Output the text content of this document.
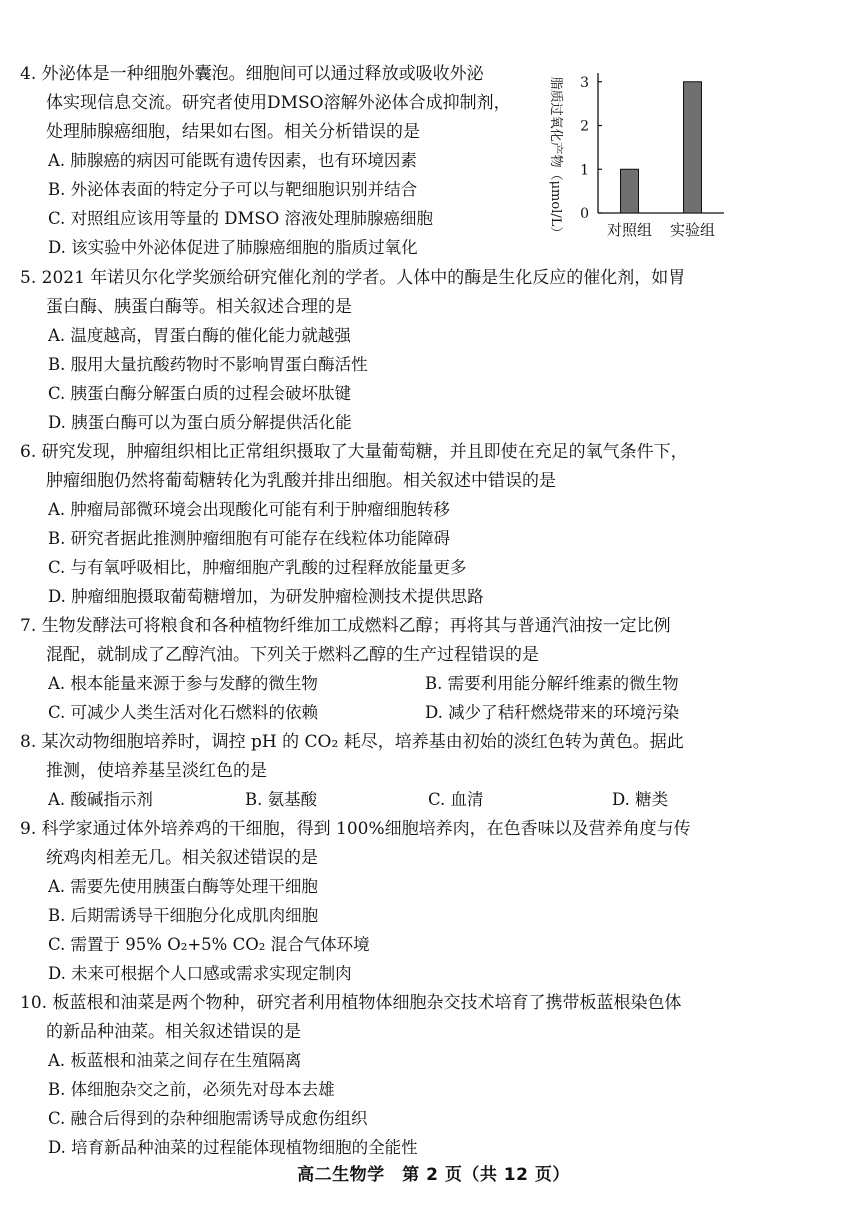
4. 外泌体是一种细胞外囊泡。细胞间可以通过释放或吸收外泌
体实现信息交流。研究者使用DMSO溶解外泌体合成抑制剂，
处理肺腺癌细胞，结果如右图。相关分析错误的是
A. 肺腺癌的病因可能既有遗传因素，也有环境因素
B. 外泌体表面的特定分子可以与靶细胞识别并结合
C. 对照组应该用等量的 DMSO 溶液处理肺腺癌细胞
D. 该实验中外泌体促进了肺腺癌细胞的脂质过氧化
脂质过氧化产物（μmol/L） 0
1
2
3
对照组 实验组
5. 2021 年诺贝尔化学奖颁给研究催化剂的学者。人体中的酶是生化反应的催化剂，如胃
蛋白酶、胰蛋白酶等。相关叙述合理的是
A. 温度越高，胃蛋白酶的催化能力就越强
B. 服用大量抗酸药物时不影响胃蛋白酶活性
C. 胰蛋白酶分解蛋白质的过程会破坏肽键
D. 胰蛋白酶可以为蛋白质分解提供活化能
6. 研究发现，肿瘤组织相比正常组织摄取了大量葡萄糖，并且即使在充足的氧气条件下，
肿瘤细胞仍然将葡萄糖转化为乳酸并排出细胞。相关叙述中错误的是
A. 肿瘤局部微环境会出现酸化可能有利于肿瘤细胞转移
B. 研究者据此推测肿瘤细胞有可能存在线粒体功能障碍
C. 与有氧呼吸相比，肿瘤细胞产乳酸的过程释放能量更多
D. 肿瘤细胞摄取葡萄糖增加，为研发肿瘤检测技术提供思路
7. 生物发酵法可将粮食和各种植物纤维加工成燃料乙醇；再将其与普通汽油按一定比例
混配，就制成了乙醇汽油。下列关于燃料乙醇的生产过程错误的是
A. 根本能量来源于参与发酵的微生物	B. 需要利用能分解纤维素的微生物
C. 可减少人类生活对化石燃料的依赖	D. 减少了秸秆燃烧带来的环境污染
8. 某次动物细胞培养时，调控 pH 的 CO₂ 耗尽，培养基由初始的淡红色转为黄色。据此
推测，使培养基呈淡红色的是
A. 酸碱指示剂	B. 氨基酸	C. 血清	D. 糖类
9. 科学家通过体外培养鸡的干细胞，得到 100%细胞培养肉，在色香味以及营养角度与传
统鸡肉相差无几。相关叙述错误的是
A. 需要先使用胰蛋白酶等处理干细胞
B. 后期需诱导干细胞分化成肌肉细胞
C. 需置于 95% O₂+5% CO₂ 混合气体环境
D. 未来可根据个人口感或需求实现定制肉
10. 板蓝根和油菜是两个物种，研究者利用植物体细胞杂交技术培育了携带板蓝根染色体
的新品种油菜。相关叙述错误的是
A. 板蓝根和油菜之间存在生殖隔离
B. 体细胞杂交之前，必须先对母本去雄
C. 融合后得到的杂种细胞需诱导成愈伤组织
D. 培育新品种油菜的过程能体现植物细胞的全能性
高二生物学　第 2 页（共 12 页）
